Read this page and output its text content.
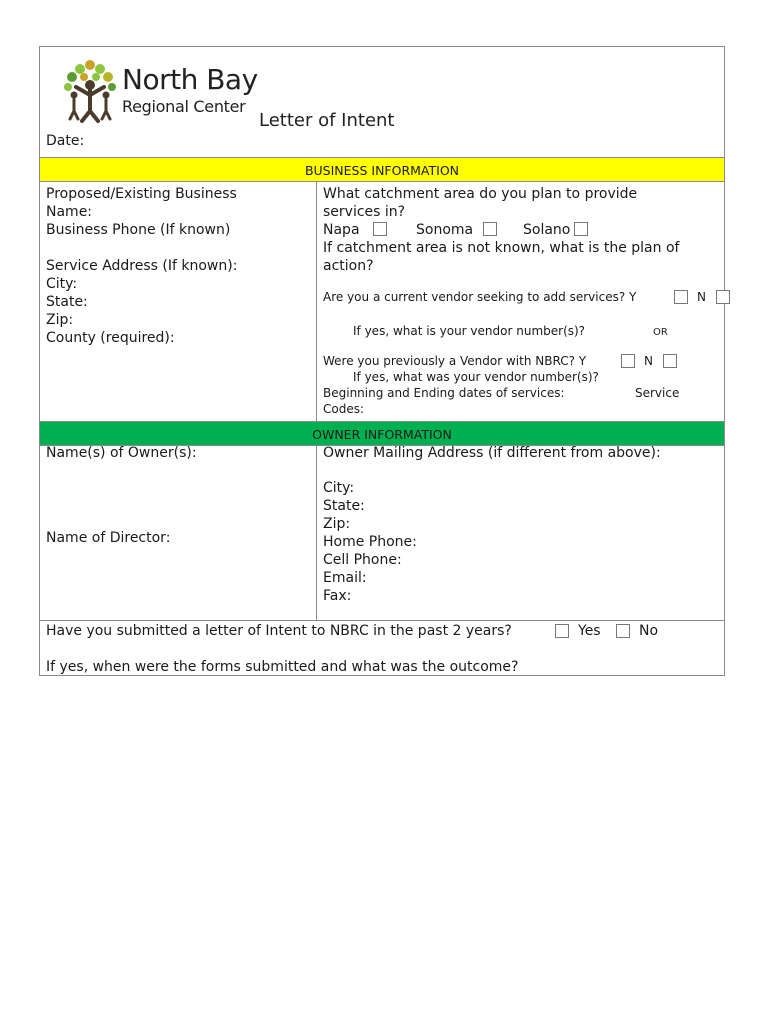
North Bay
Regional Center
Letter of Intent
Date:
BUSINESS INFORMATION
Proposed/Existing Business
Name:
Business Phone (If known)
Service Address (If known):
City:
State:
Zip:
County (required):
What catchment area do you plan to provide
services in?
Napa	Sonoma	Solano
If catchment area is not known, what is the plan of
action?
Are you a current vendor seeking to add services? Y	N
If yes, what is your vendor number(s)?	OR
Were you previously a Vendor with NBRC? Y	N
If yes, what was your vendor number(s)?
Beginning and Ending dates of services:	Service
Codes:
OWNER INFORMATION
Name(s) of Owner(s):
Name of Director:
Owner Mailing Address (if different from above):
City:
State:
Zip:
Home Phone:
Cell Phone:
Email:
Fax:
Have you submitted a letter of Intent to NBRC in the past 2 years?	Yes	No
If yes, when were the forms submitted and what was the outcome?
